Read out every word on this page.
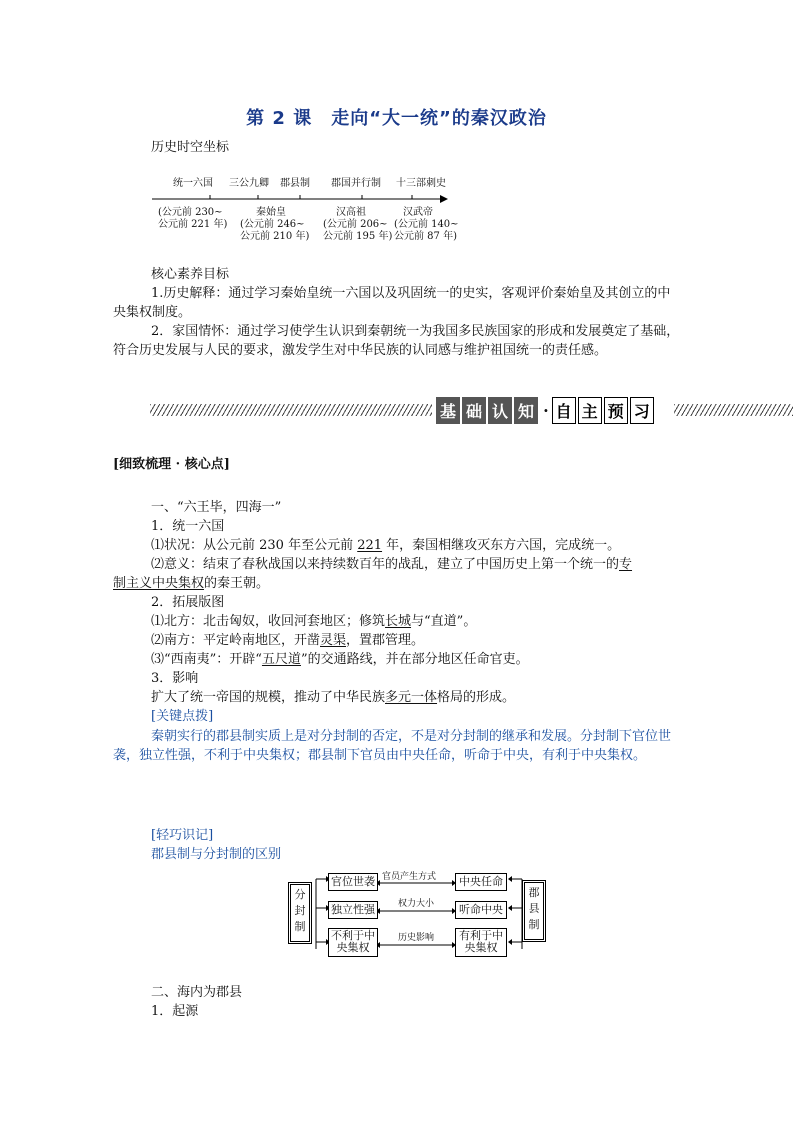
第 2 课　走向“大一统”的秦汉政治
历史时空坐标
统一六国 三公九卿 郡县制 郡国并行制 十三部刺史
(公元前 230~
公元前 221 年)
秦始皇
(公元前 246~
公元前 210 年)
汉高祖
(公元前 206~
公元前 195 年)
汉武帝
(公元前 140~
公元前 87 年)
核心素养目标
1.历史解释：通过学习秦始皇统一六国以及巩固统一的史实，客观评价秦始皇及其创立的中央集权制度。
2．家国情怀：通过学习使学生认识到秦朝统一为我国多民族国家的形成和发展奠定了基础，符合历史发展与人民的要求，激发学生对中华民族的认同感与维护祖国统一的责任感。
基 础 认 知 · 自 主 预 习
[细致梳理 · 核心点]
一、“六王毕，四海一”
1．统一六国
⑴状况：从公元前 230 年至公元前 221 年，秦国相继攻灭东方六国，完成统一。
⑵意义：结束了春秋战国以来持续数百年的战乱，建立了中国历史上第一个统一的专
制主义中央集权的秦王朝。
2．拓展版图
⑴北方：北击匈奴，收回河套地区；修筑长城与“直道”。
⑵南方：平定岭南地区，开凿灵渠，置郡管理。
⑶“西南夷”：开辟“五尺道”的交通路线，并在部分地区任命官吏。
3．影响
扩大了统一帝国的规模，推动了中华民族多元一体格局的形成。
[关键点拨]
秦朝实行的郡县制实质上是对分封制的否定，不是对分封制的继承和发展。分封制下官位世袭，独立性强，不利于中央集权；郡县制下官员由中央任命，听命于中央，有利于中央集权。
[轻巧识记]
郡县制与分封制的区别
分封制
郡县制
官位世袭 官员产生方式	中央任命
独立性强	权力大小	听命中央
不利于中央集权
历史影响	有利于中央集权
二、海内为郡县
1．起源
